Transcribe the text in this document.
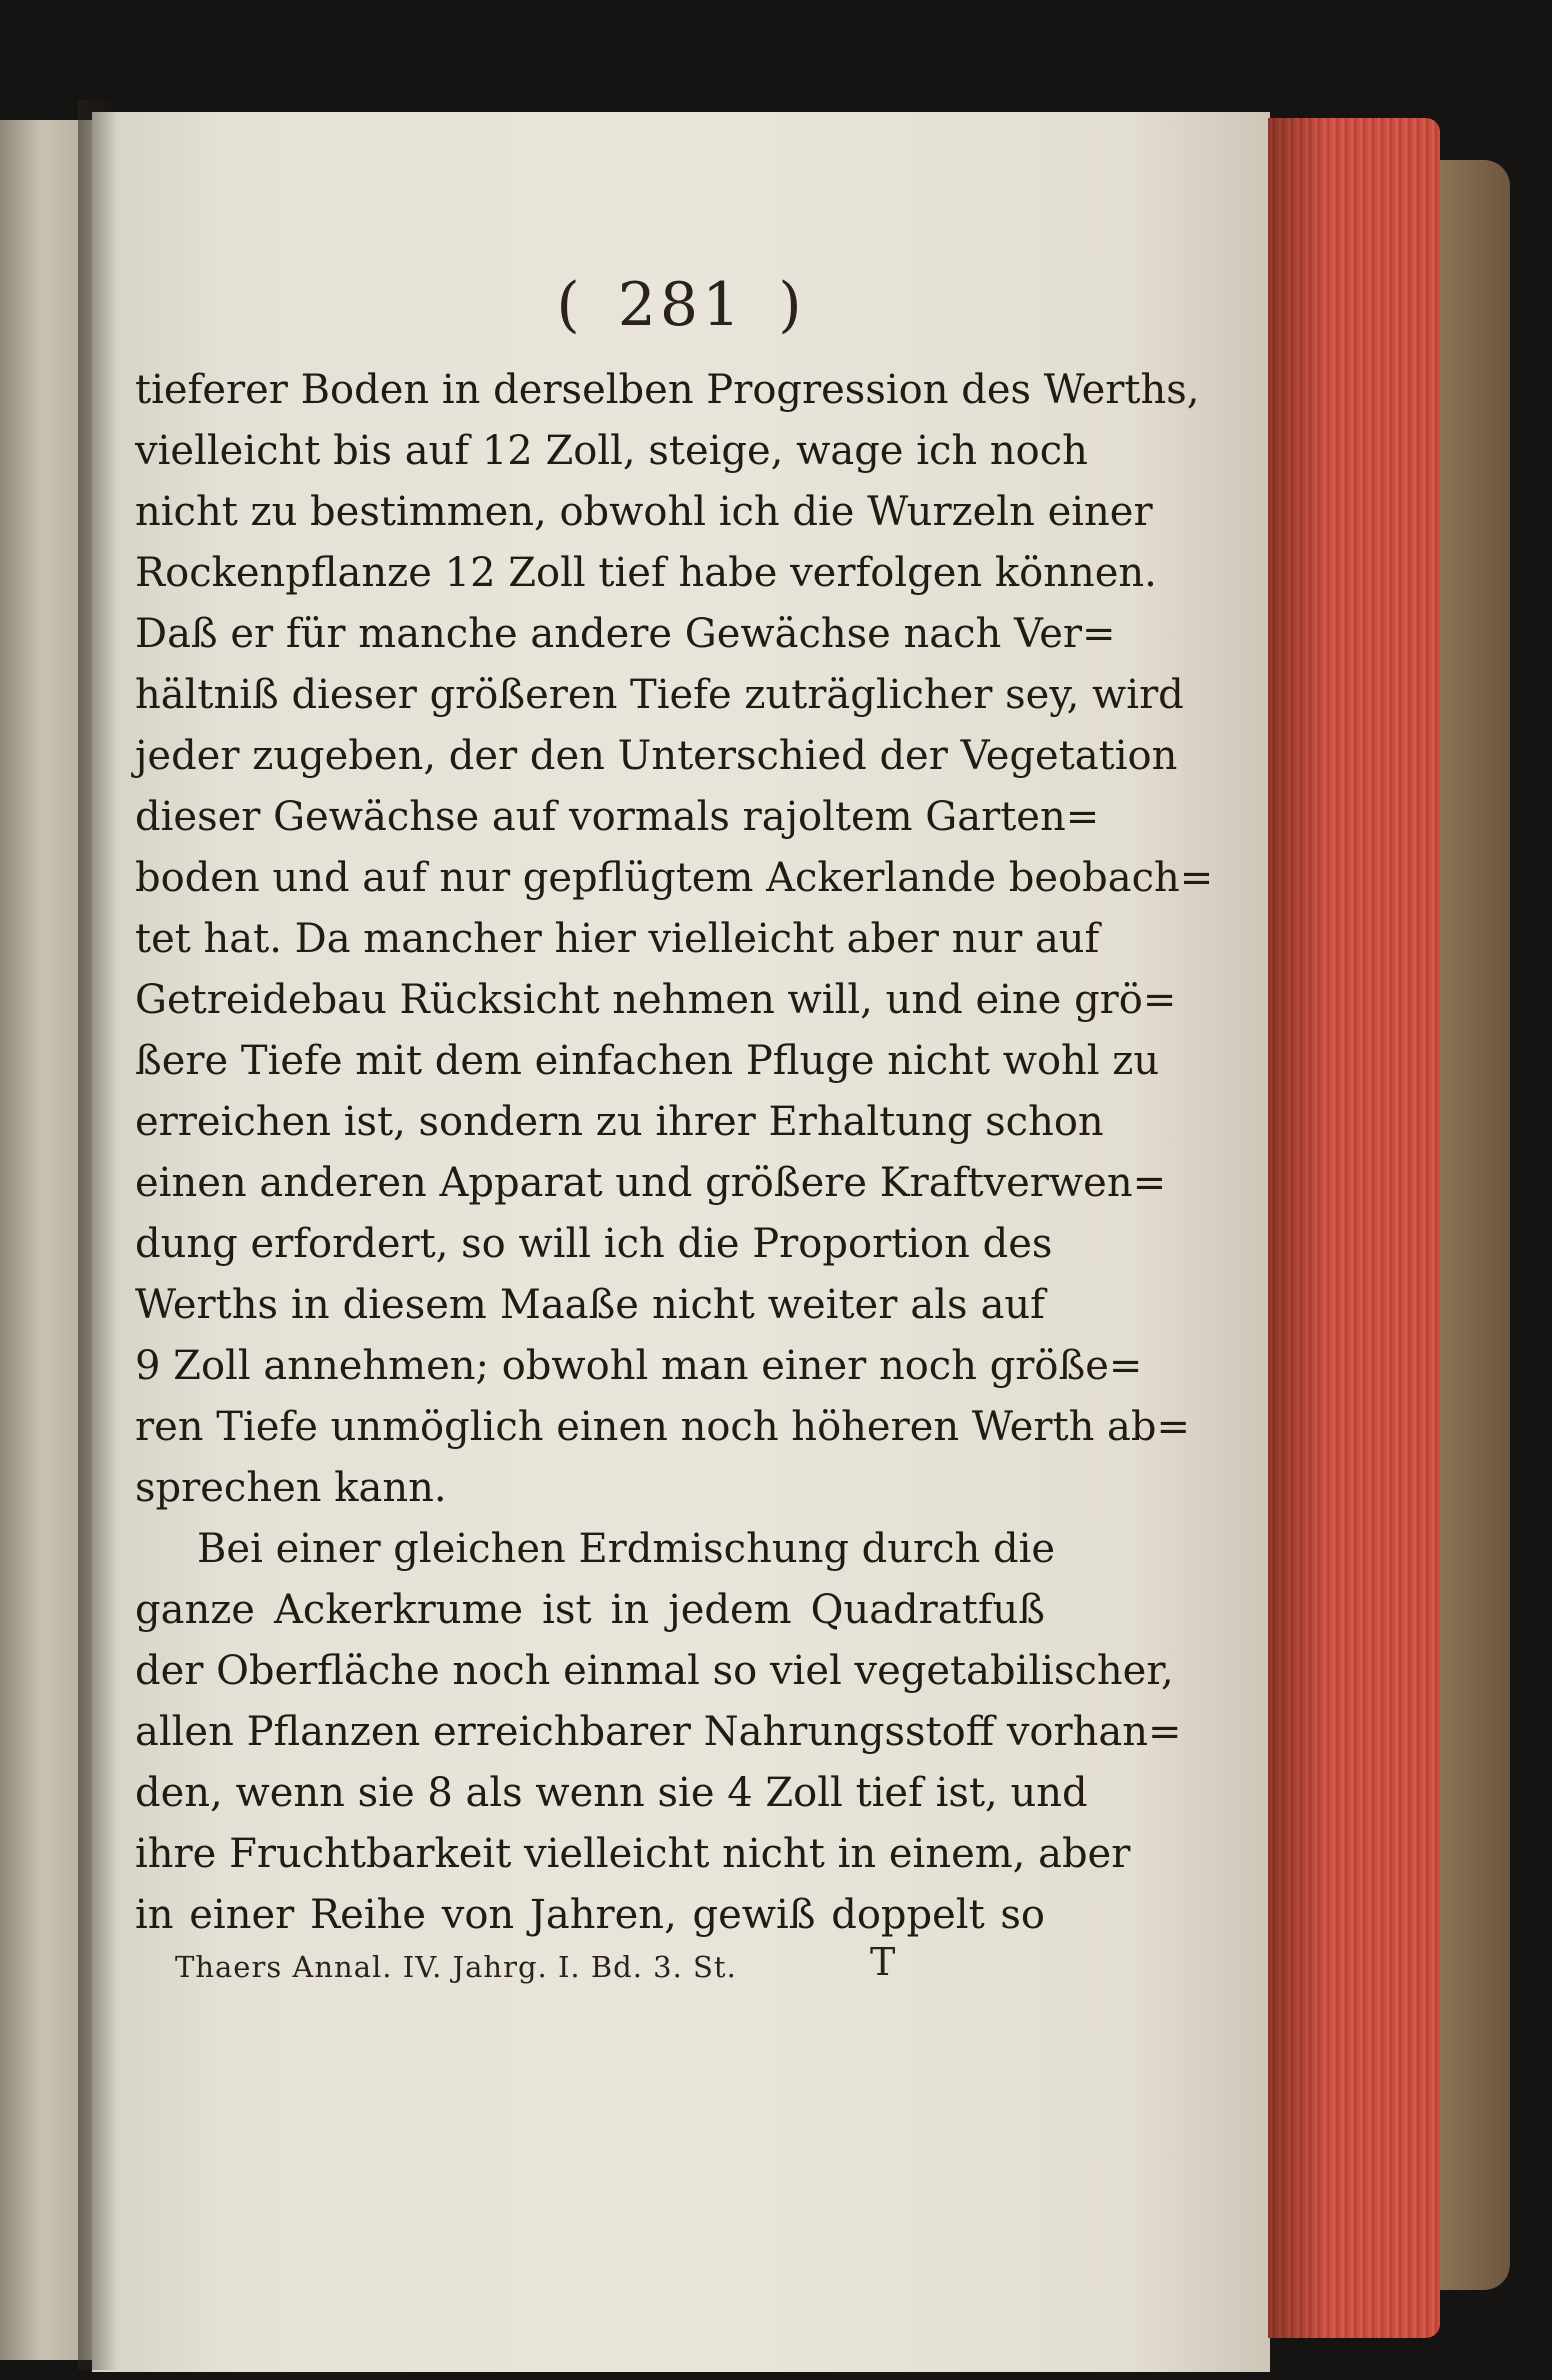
( 281 )
tieferer Boden in derselben Progression des Werths,
vielleicht bis auf 12 Zoll, steige, wage ich noch
nicht zu bestimmen, obwohl ich die Wurzeln einer
Rockenpflanze 12 Zoll tief habe verfolgen können.
Daß er für manche andere Gewächse nach Ver=
hältniß dieser größeren Tiefe zuträglicher sey, wird
jeder zugeben, der den Unterschied der Vegetation
dieser Gewächse auf vormals rajoltem Garten=
boden und auf nur gepflügtem Ackerlande beobach=
tet hat. Da mancher hier vielleicht aber nur auf
Getreidebau Rücksicht nehmen will, und eine grö=
ßere Tiefe mit dem einfachen Pfluge nicht wohl zu
erreichen ist, sondern zu ihrer Erhaltung schon
einen anderen Apparat und größere Kraftverwen=
dung erfordert, so will ich die Proportion des
Werths in diesem Maaße nicht weiter als auf
9 Zoll annehmen; obwohl man einer noch größe=
ren Tiefe unmöglich einen noch höheren Werth ab=
sprechen kann.
Bei einer gleichen Erdmischung durch die
ganze Ackerkrume ist in jedem Quadratfuß
der Oberfläche noch einmal so viel vegetabilischer,
allen Pflanzen erreichbarer Nahrungsstoff vorhan=
den, wenn sie 8 als wenn sie 4 Zoll tief ist, und
ihre Fruchtbarkeit vielleicht nicht in einem, aber
in einer Reihe von Jahren, gewiß doppelt so
Thaers Annal. IV. Jahrg. I. Bd. 3. St.	T
